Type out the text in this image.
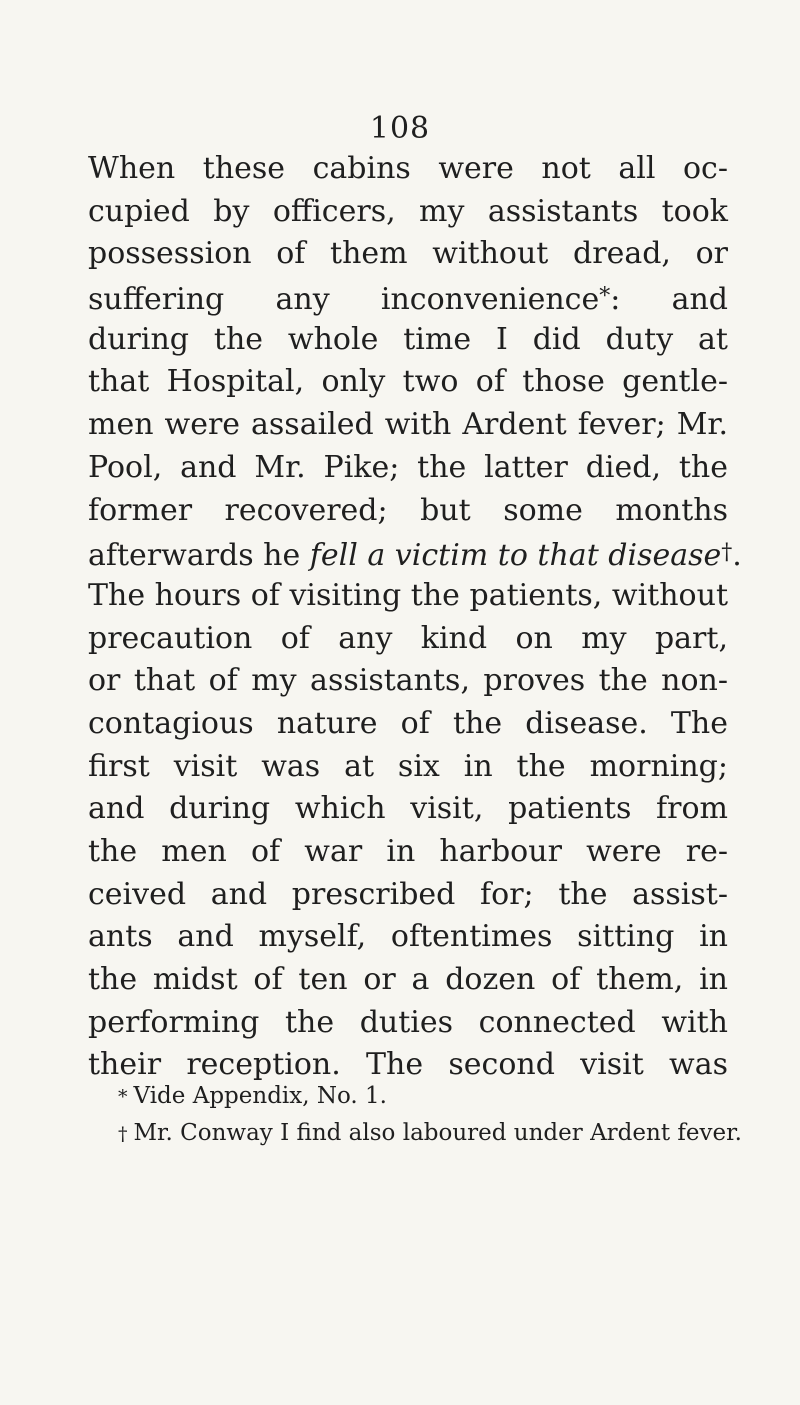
108
When these cabins were not all oc-
cupied by officers, my assistants took
possession of them without dread, or
suffering any inconvenience*: and
during the whole time I did duty at
that Hospital, only two of those gentle-
men were assailed with Ardent fever; Mr.
Pool, and Mr. Pike; the latter died, the
former recovered; but some months
afterwards he fell a victim to that disease†.
The hours of visiting the patients, without
precaution of any kind on my part,
or that of my assistants, proves the non-
contagious nature of the disease. The
first visit was at six in the morning;
and during which visit, patients from
the men of war in harbour were re-
ceived and prescribed for; the assist-
ants and myself, oftentimes sitting in
the midst of ten or a dozen of them, in
performing the duties connected with
their reception. The second visit was
* Vide Appendix, No. 1.
† Mr. Conway I find also laboured under Ardent fever.
